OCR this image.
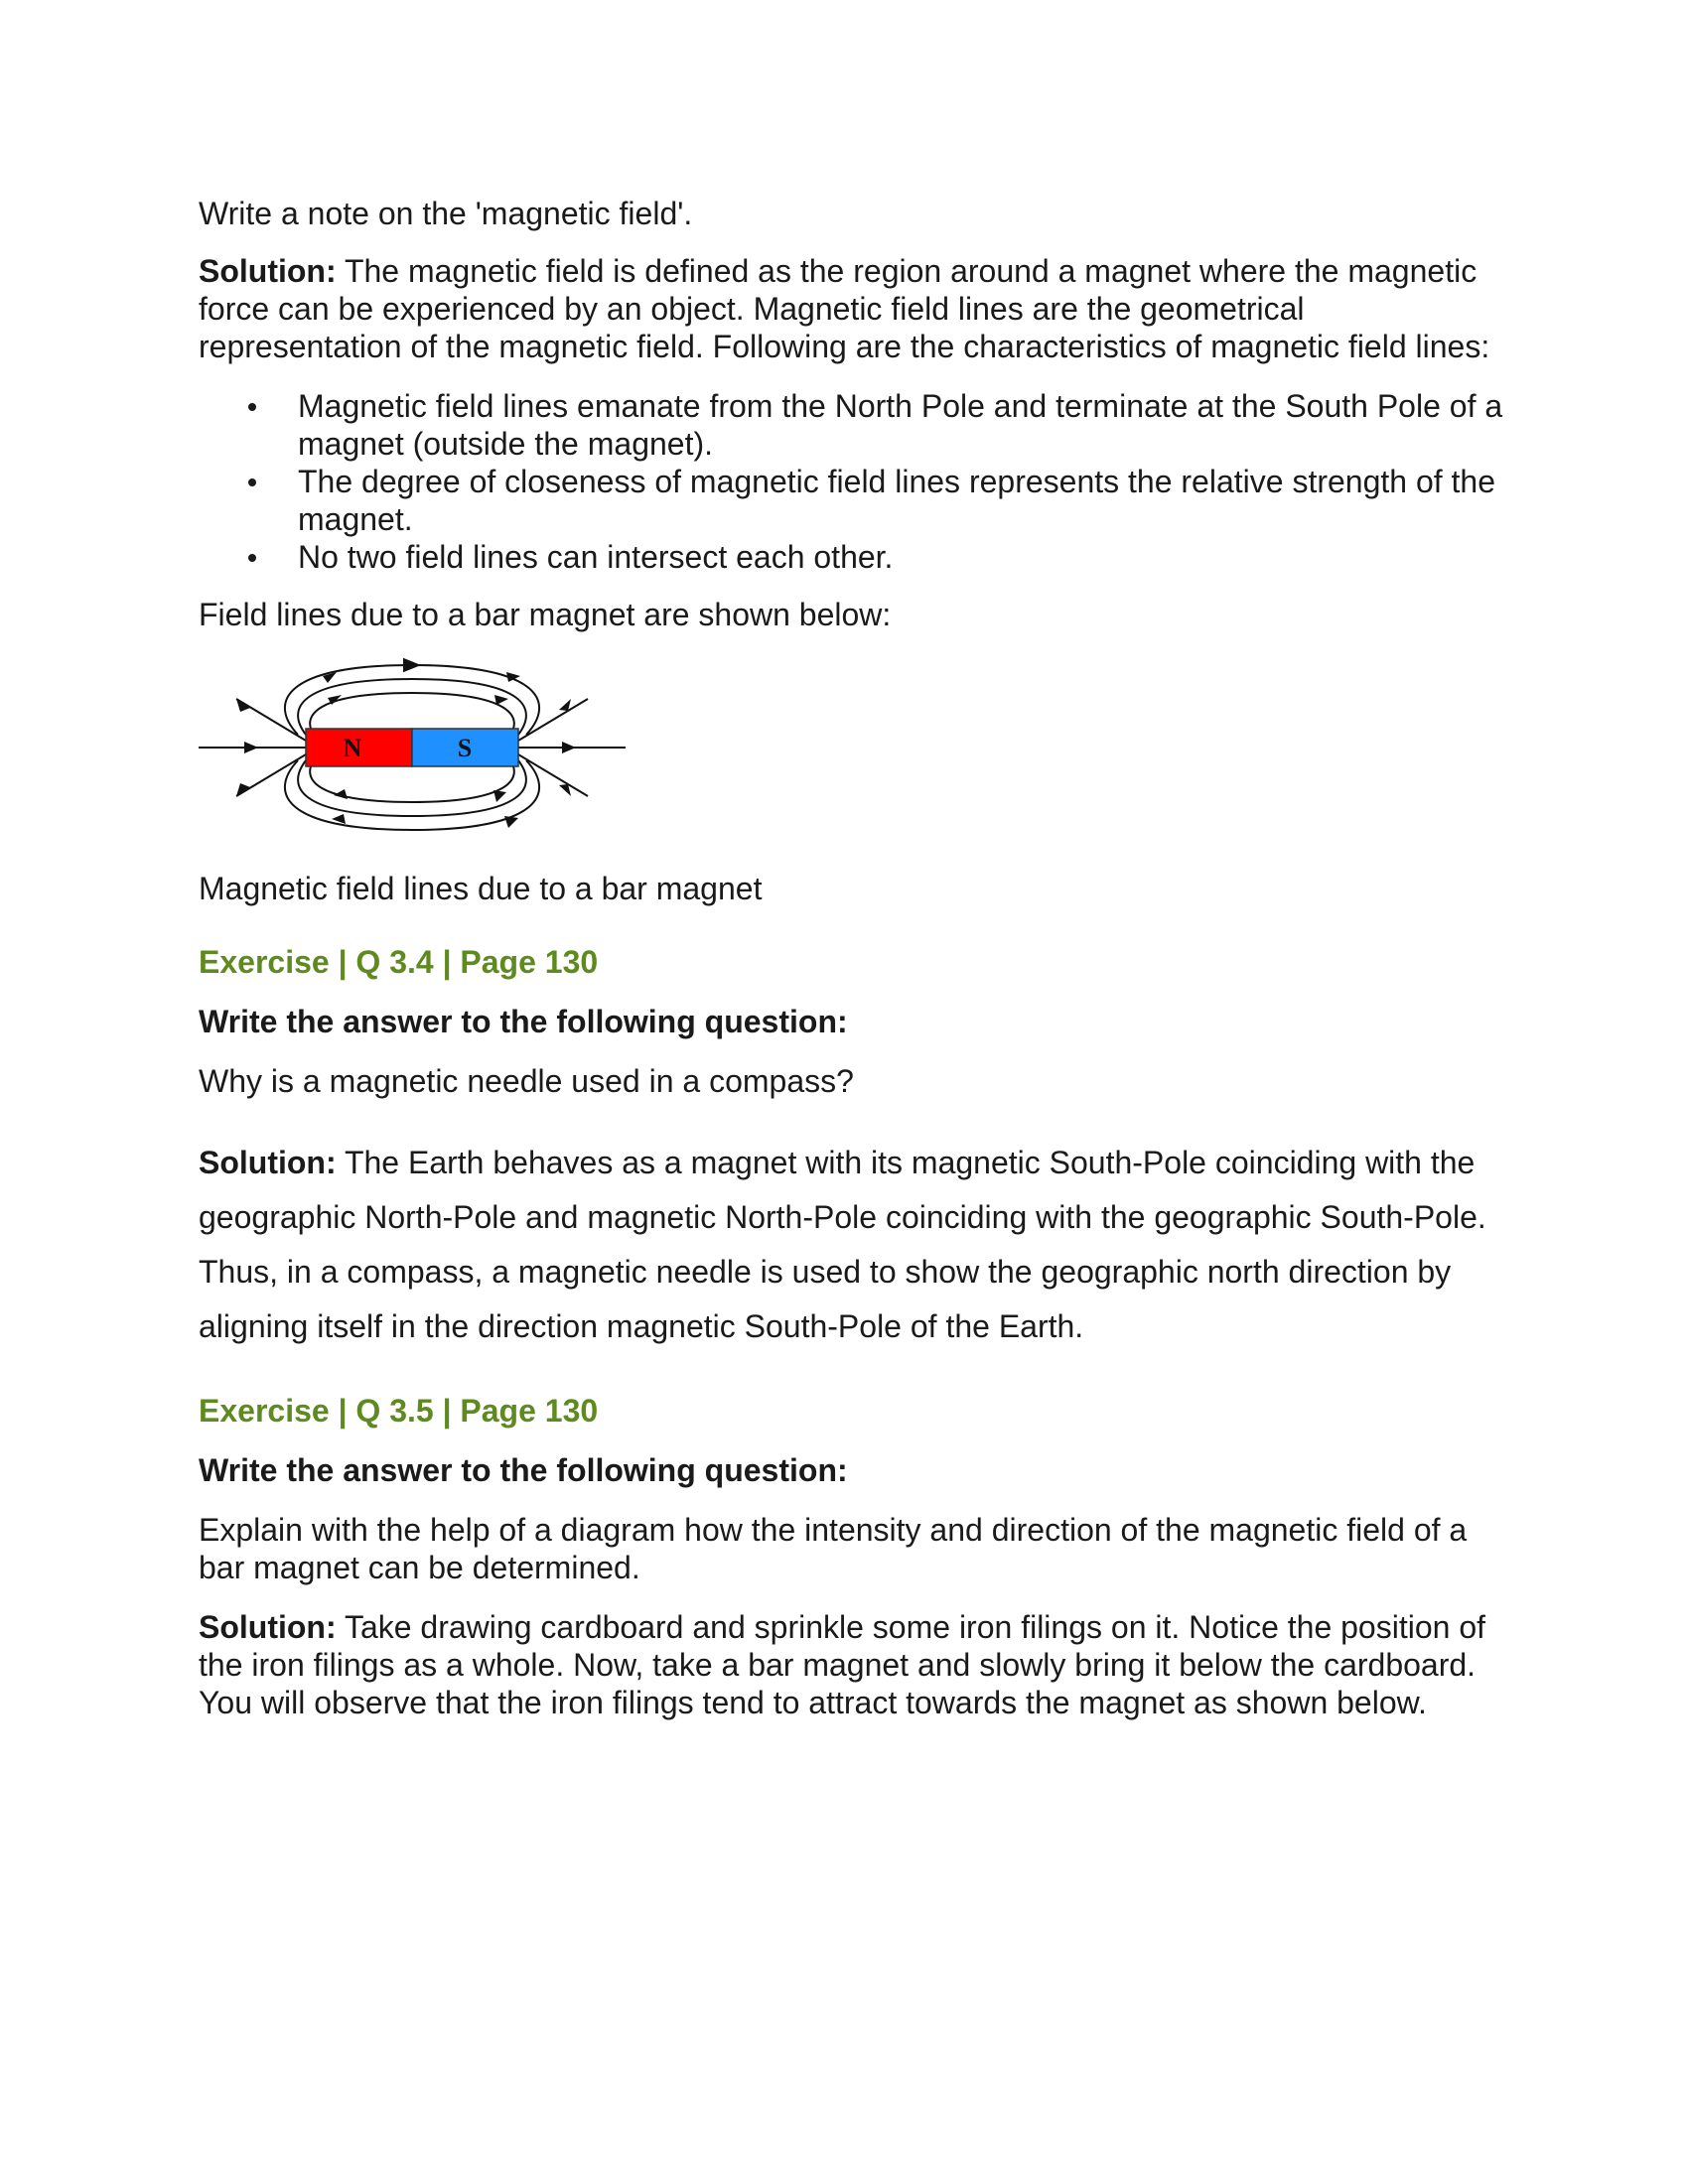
Write a note on the 'magnetic field'.

Solution: The magnetic field is defined as the region around a magnet where the magnetic force can be experienced by an object. Magnetic field lines are the geometrical representation of the magnetic field. Following are the characteristics of magnetic field lines:

Magnetic field lines emanate from the North Pole and terminate at the South Pole of a magnet (outside the magnet).
The degree of closeness of magnetic field lines represents the relative strength of the magnet.
No two field lines can intersect each other.

Field lines due to a bar magnet are shown below:

N	S

Magnetic field lines due to a bar magnet

Exercise | Q 3.4 | Page 130
Write the answer to the following question:

Why is a magnetic needle used in a compass?

Solution: The Earth behaves as a magnet with its magnetic South-Pole coinciding with the geographic North-Pole and magnetic North-Pole coinciding with the geographic South-Pole. Thus, in a compass, a magnetic needle is used to show the geographic north direction by aligning itself in the direction magnetic South-Pole of the Earth.

Exercise | Q 3.5 | Page 130
Write the answer to the following question:

Explain with the help of a diagram how the intensity and direction of the magnetic field of a bar magnet can be determined.

Solution: Take drawing cardboard and sprinkle some iron filings on it. Notice the position of the iron filings as a whole. Now, take a bar magnet and slowly bring it below the cardboard. You will observe that the iron filings tend to attract towards the magnet as shown below.
